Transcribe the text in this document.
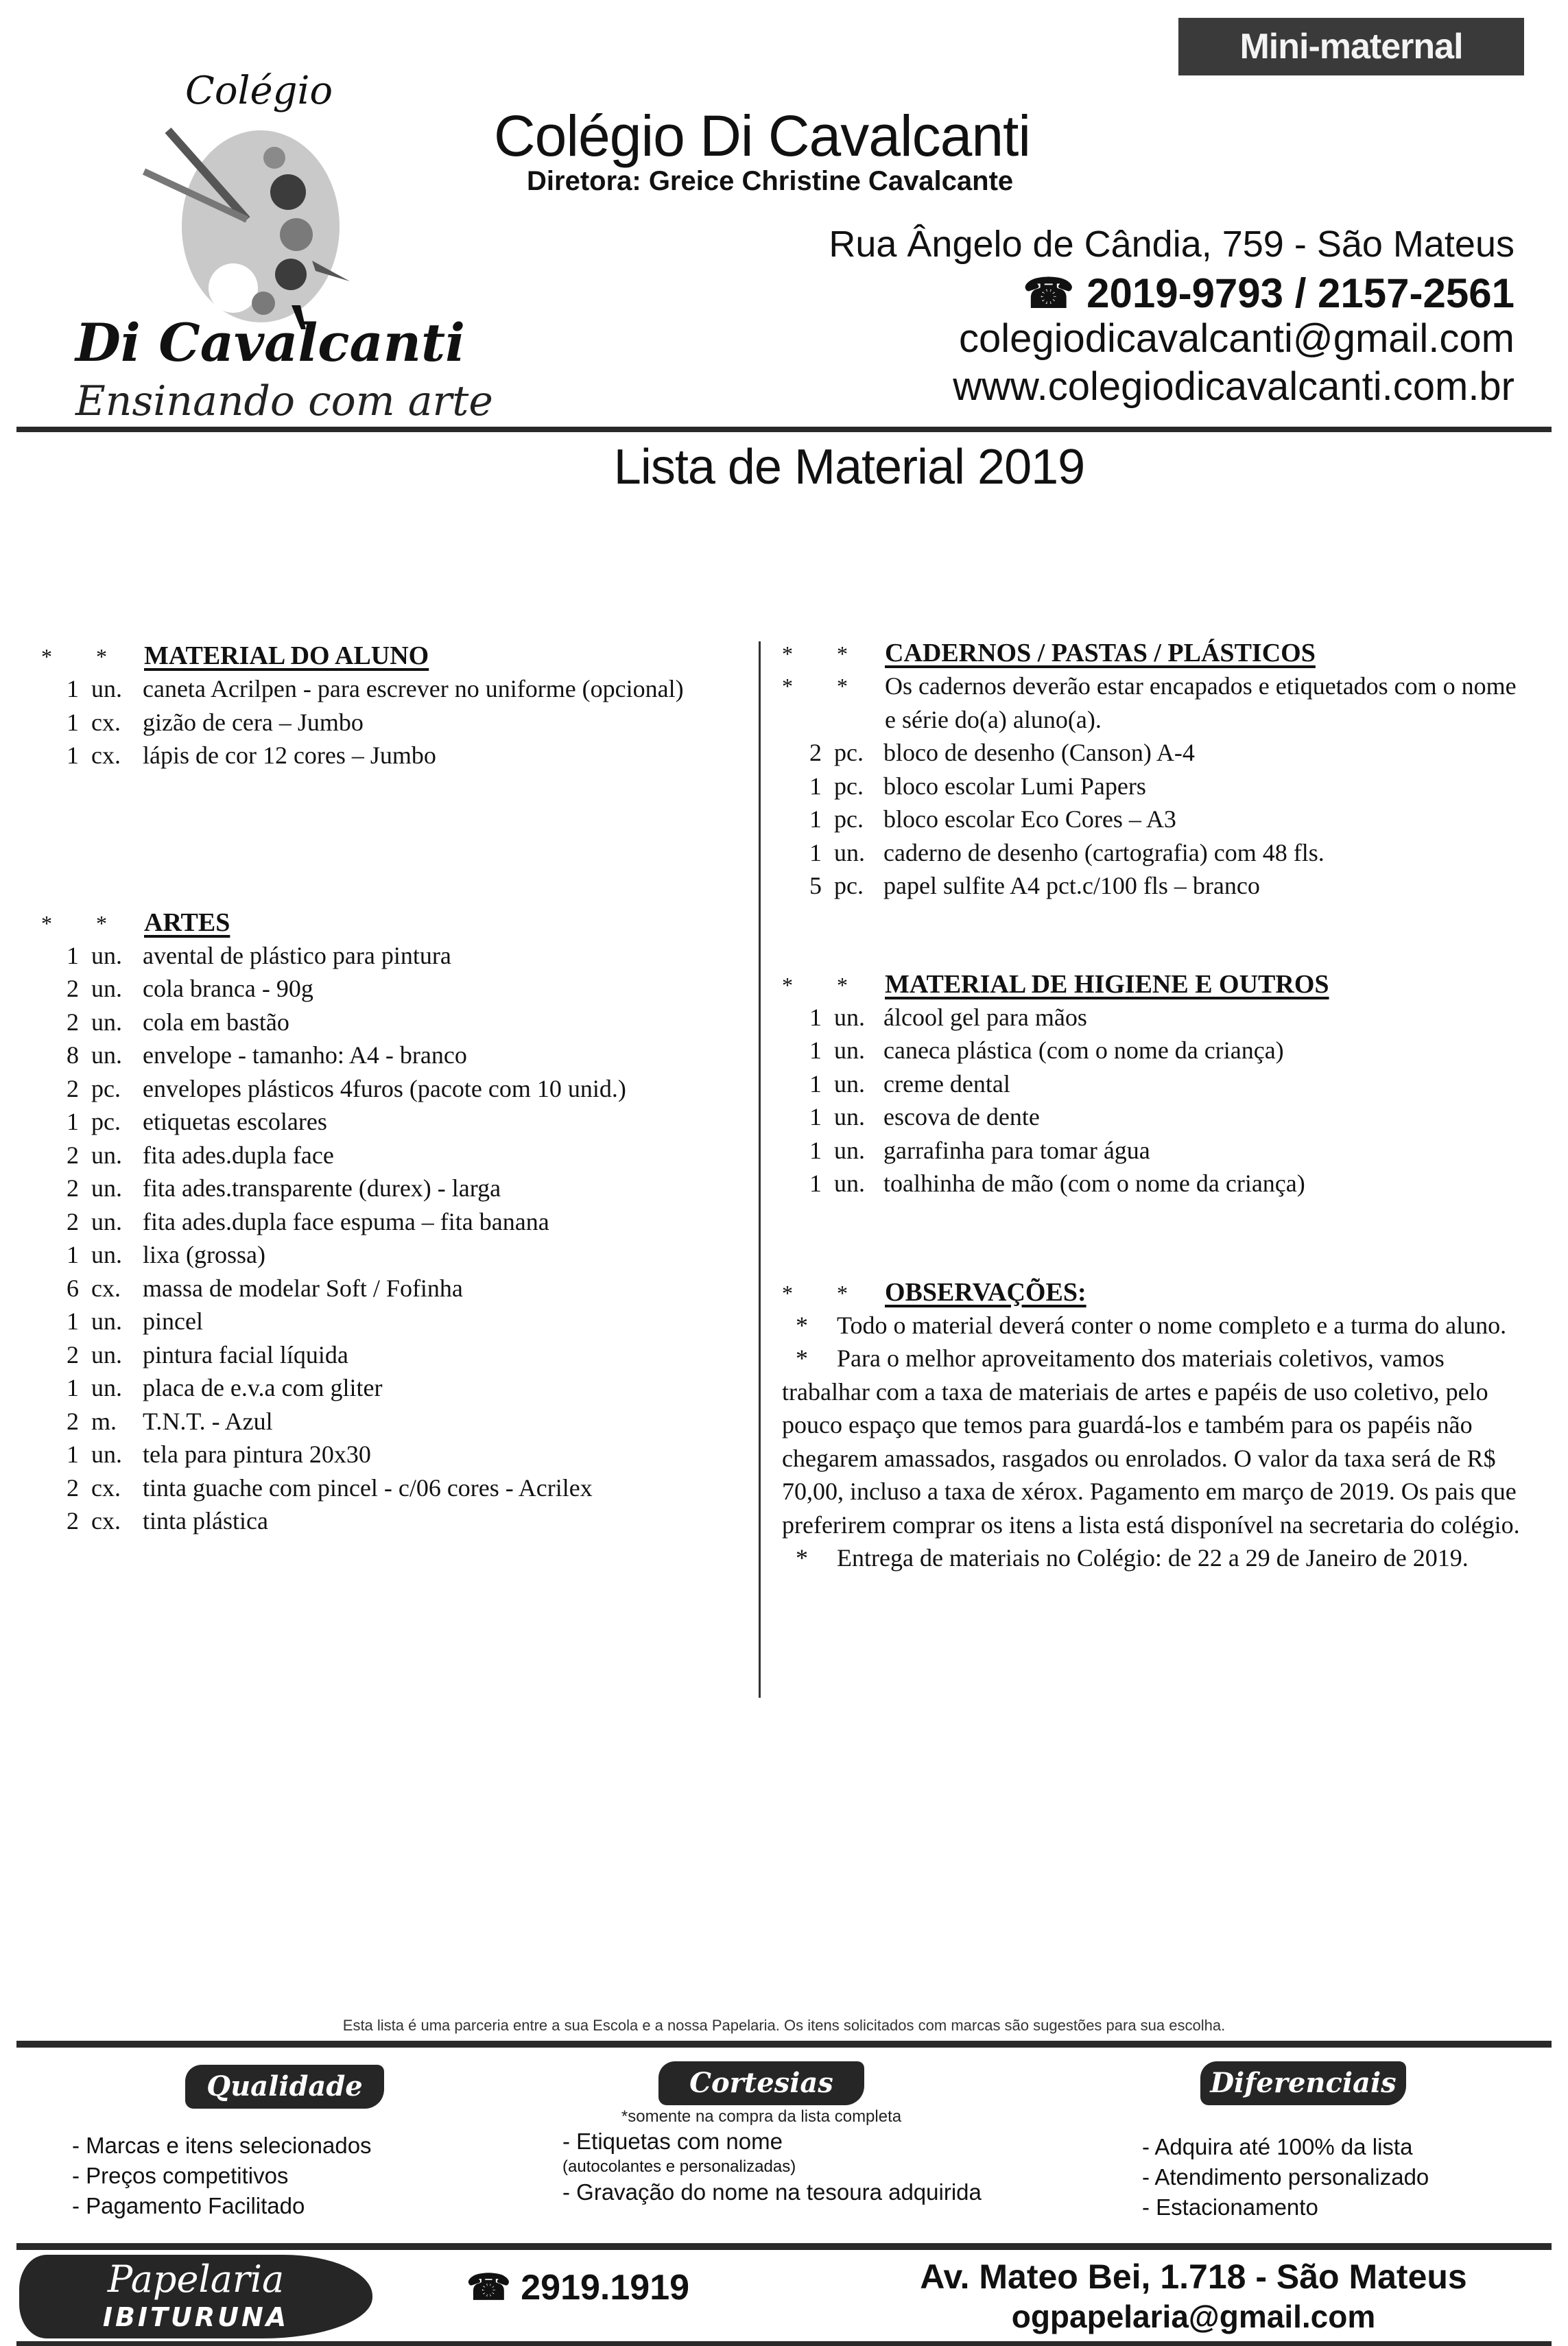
Mini-maternal
Colégio
Di Cavalcanti
Ensinando com arte
Colégio Di Cavalcanti
Diretora: Greice Christine Cavalcante
Rua Ângelo de Cândia, 759 - São Mateus
☎ 2019-9793 / 2157-2561
colegiodicavalcanti@gmail.com
www.colegiodicavalcanti.com.br
Lista de Material 2019
*	*	MATERIAL DO ALUNO
1 un. caneta Acrilpen - para escrever no uniforme (opcional)
1 cx. gizão de cera – Jumbo
1 cx. lápis de cor 12 cores – Jumbo
*	*	ARTES
1 un. avental de plástico para pintura
2 un. cola branca - 90g
2 un. cola em bastão
8 un. envelope - tamanho: A4 - branco
2 pc. envelopes plásticos 4furos (pacote com 10 unid.)
1 pc. etiquetas escolares
2 un. fita ades.dupla face
2 un. fita ades.transparente (durex) - larga
2 un. fita ades.dupla face espuma – fita banana
1 un. lixa (grossa)
6 cx. massa de modelar Soft / Fofinha
1 un. pincel
2 un. pintura facial líquida
1 un. placa de e.v.a com gliter
2 m.	T.N.T. - Azul
1 un. tela para pintura 20x30
2 cx. tinta guache com pincel - c/06 cores - Acrilex
2 cx. tinta plástica
*	*	CADERNOS / PASTAS / PLÁSTICOS
*	*	Os cadernos deverão estar encapados e etiquetados com o nome e série do(a) aluno(a).
2 pc. bloco de desenho (Canson) A-4
1 pc. bloco escolar Lumi Papers
1 pc. bloco escolar Eco Cores – A3
1 un. caderno de desenho (cartografia) com 48 fls.
5 pc. papel sulfite A4 pct.c/100 fls – branco
*	*	MATERIAL DE HIGIENE E OUTROS
1 un. álcool gel para mãos
1 un. caneca plástica (com o nome da criança)
1 un. creme dental
1 un. escova de dente
1 un. garrafinha para tomar água
1 un. toalhinha de mão (com o nome da criança)
*	*	OBSERVAÇÕES:
* Todo o material deverá conter o nome completo e a turma do aluno.
* Para o melhor aproveitamento dos materiais coletivos, vamos trabalhar com a taxa de materiais de artes e papéis de uso coletivo, pelo pouco espaço que temos para guardá-los e também para os papéis não chegarem amassados, rasgados ou enrolados. O valor da taxa será de R$ 70,00, incluso a taxa de xérox. Pagamento em março de 2019. Os pais que preferirem comprar os itens a lista está disponível na secretaria do colégio.
* Entrega de materiais no Colégio: de 22 a 29 de Janeiro de 2019.
Esta lista é uma parceria entre a sua Escola e a nossa Papelaria. Os itens solicitados com marcas são sugestões para sua escolha.
Qualidade	Cortesias	Diferenciais
*somente na compra da lista completa
- Marcas e itens selecionados
- Preços competitivos
- Pagamento Facilitado
- Etiquetas com nome
(autocolantes e personalizadas)
- Gravação do nome na tesoura adquirida
- Adquira até 100% da lista
- Atendimento personalizado
- Estacionamento
Papelaria
IBITURUNA
☎ 2919.1919	Av. Mateo Bei, 1.718 - São Mateus
ogpapelaria@gmail.com
